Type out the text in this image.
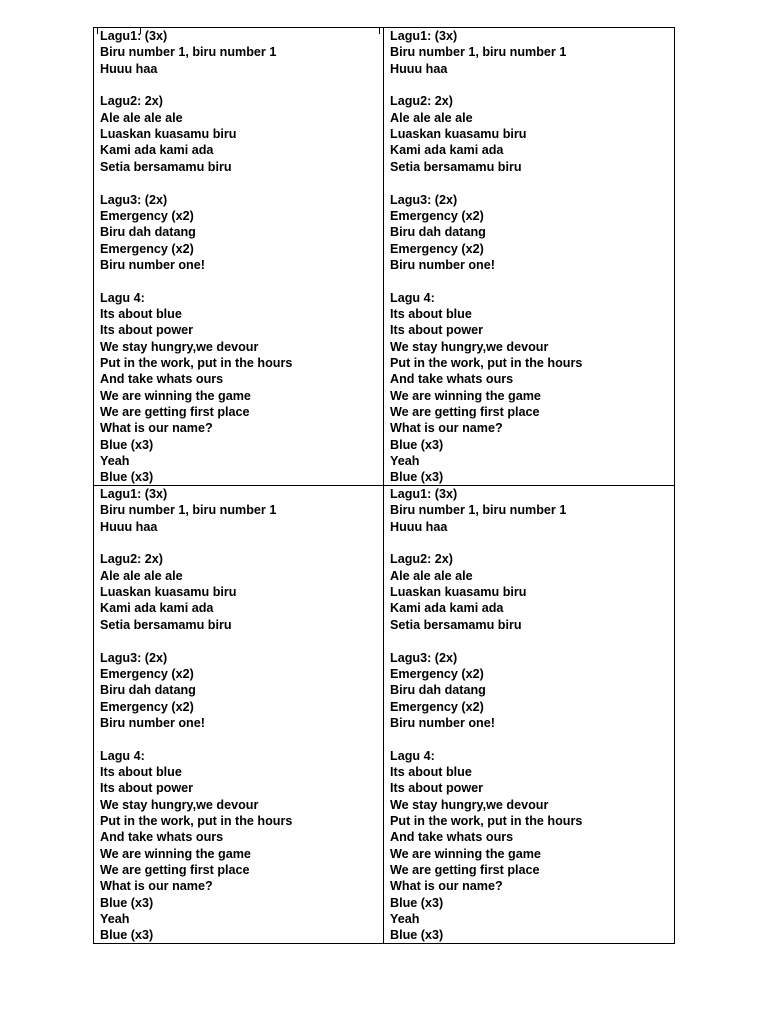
Lagu1: (3x)
Biru number 1, biru number 1
Huuu haa
Lagu2: 2x)
Ale ale ale ale
Luaskan kuasamu biru
Kami ada kami ada
Setia bersamamu biru
Lagu3: (2x)
Emergency (x2)
Biru dah datang
Emergency (x2)
Biru number one!
Lagu 4:
Its about blue
Its about power
We stay hungry,we devour
Put in the work, put in the hours
And take whats ours
We are winning the game
We are getting first place
What is our name?
Blue (x3)
Yeah
Blue (x3)
Lagu1: (3x)
Biru number 1, biru number 1
Huuu haa
Lagu2: 2x)
Ale ale ale ale
Luaskan kuasamu biru
Kami ada kami ada
Setia bersamamu biru
Lagu3: (2x)
Emergency (x2)
Biru dah datang
Emergency (x2)
Biru number one!
Lagu 4:
Its about blue
Its about power
We stay hungry,we devour
Put in the work, put in the hours
And take whats ours
We are winning the game
We are getting first place
What is our name?
Blue (x3)
Yeah
Blue (x3)
Lagu1: (3x)
Biru number 1, biru number 1
Huuu haa
Lagu2: 2x)
Ale ale ale ale
Luaskan kuasamu biru
Kami ada kami ada
Setia bersamamu biru
Lagu3: (2x)
Emergency (x2)
Biru dah datang
Emergency (x2)
Biru number one!
Lagu 4:
Its about blue
Its about power
We stay hungry,we devour
Put in the work, put in the hours
And take whats ours
We are winning the game
We are getting first place
What is our name?
Blue (x3)
Yeah
Blue (x3)
Lagu1: (3x)
Biru number 1, biru number 1
Huuu haa
Lagu2: 2x)
Ale ale ale ale
Luaskan kuasamu biru
Kami ada kami ada
Setia bersamamu biru
Lagu3: (2x)
Emergency (x2)
Biru dah datang
Emergency (x2)
Biru number one!
Lagu 4:
Its about blue
Its about power
We stay hungry,we devour
Put in the work, put in the hours
And take whats ours
We are winning the game
We are getting first place
What is our name?
Blue (x3)
Yeah
Blue (x3)
